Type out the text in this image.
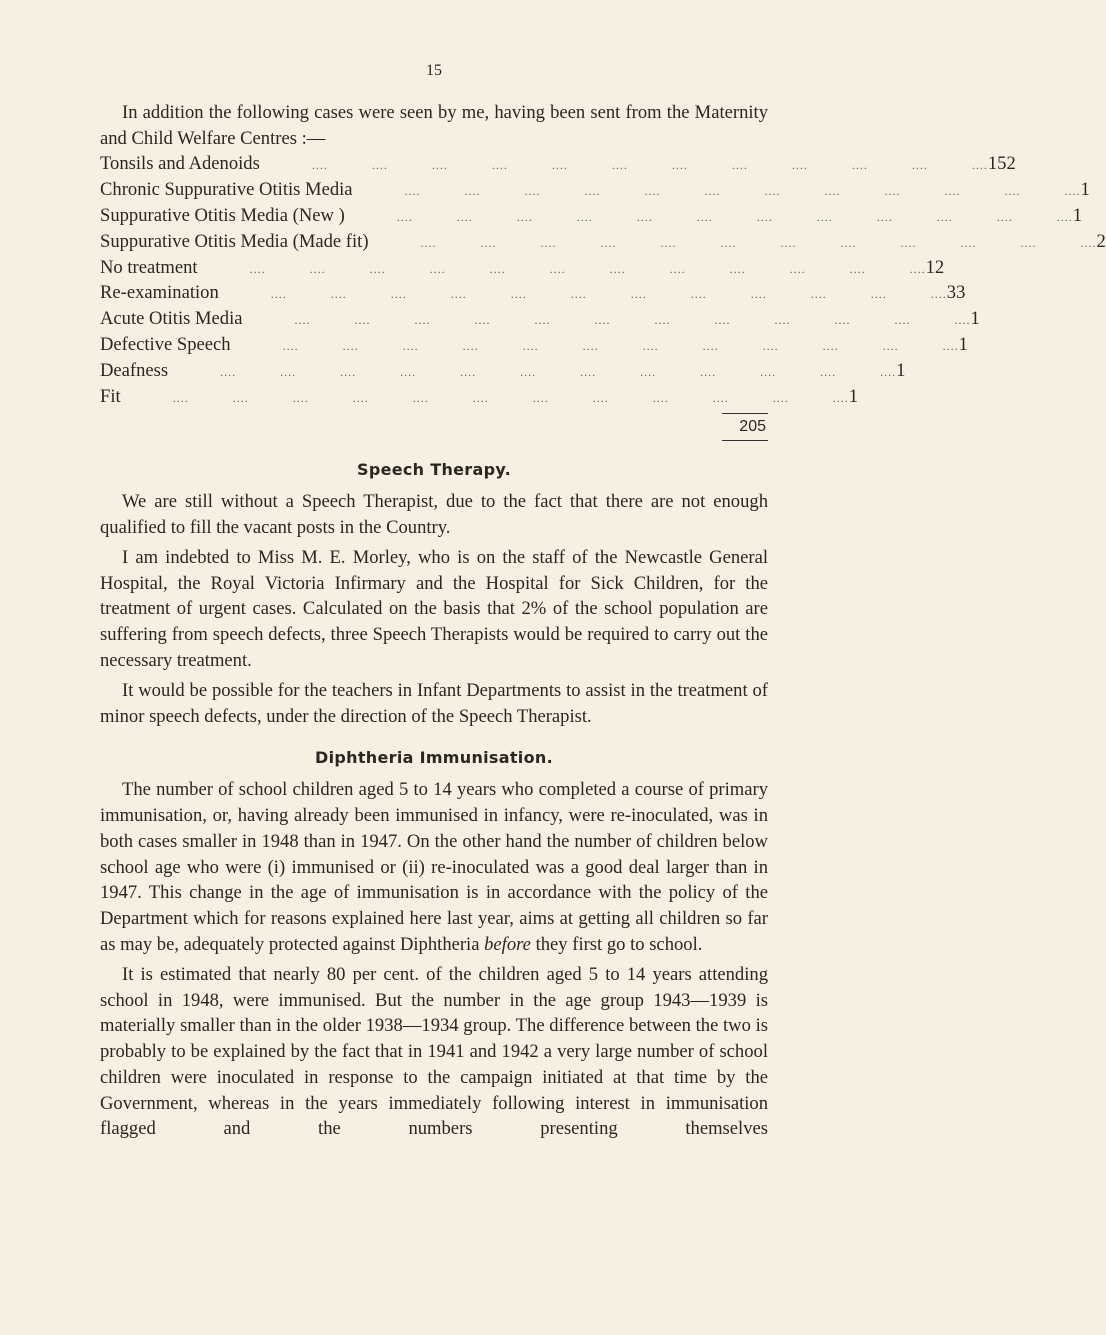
15

In addition the following cases were seen by me, having been sent from the Maternity and Child Welfare Centres :—

Tonsils and Adenoids ....           ....           ....           ....           ....           ....           ....           ....           ....           ....           ....           .... 152
Chronic Suppurative Otitis Media ....           ....           ....           ....           ....           ....           ....           ....           ....           ....           ....           .... 1
Suppurative Otitis Media (New ) ....           ....           ....           ....           ....           ....           ....           ....           ....           ....           ....           .... 1
Suppurative Otitis Media (Made fit) ....           ....           ....           ....           ....           ....           ....           ....           ....           ....           ....           .... 2
No treatment ....           ....           ....           ....           ....           ....           ....           ....           ....           ....           ....           .... 12
Re-examination ....           ....           ....           ....           ....           ....           ....           ....           ....           ....           ....           .... 33
Acute Otitis Media ....           ....           ....           ....           ....           ....           ....           ....           ....           ....           ....           .... 1
Defective Speech ....           ....           ....           ....           ....           ....           ....           ....           ....           ....           ....           .... 1
Deafness ....           ....           ....           ....           ....           ....           ....           ....           ....           ....           ....           .... 1
Fit ....           ....           ....           ....           ....           ....           ....           ....           ....           ....           ....           .... 1
205
Speech Therapy.

We are still without a Speech Therapist, due to the fact that there are not enough qualified to fill the vacant posts in the Country.

I am indebted to Miss M. E. Morley, who is on the staff of the Newcastle General Hospital, the Royal Victoria Infirmary and the Hospital for Sick Children, for the treatment of urgent cases. Calculated on the basis that 2% of the school population are suffering from speech defects, three Speech Therapists would be required to carry out the necessary treatment.

It would be possible for the teachers in Infant Departments to assist in the treatment of minor speech defects, under the direction of the Speech Therapist.

Diphtheria Immunisation.

The number of school children aged 5 to 14 years who completed a course of primary immunisation, or, having already been immunised in infancy, were re-inoculated, was in both cases smaller in 1948 than in 1947. On the other hand the number of children below school age who were (i) immunised or (ii) re-inoculated was a good deal larger than in 1947. This change in the age of immunisation is in accordance with the policy of the Department which for reasons explained here last year, aims at getting all children so far as may be, adequately protected against Diphtheria before they first go to school.

It is estimated that nearly 80 per cent. of the children aged 5 to 14 years attending school in 1948, were immunised. But the number in the age group 1943—1939 is materially smaller than in the older 1938—1934 group. The difference between the two is probably to be explained by the fact that in 1941 and 1942 a very large number of school children were inoculated in response to the campaign initiated at that time by the Government, whereas in the years immediately following interest in immunisation flagged and the numbers presenting themselves
